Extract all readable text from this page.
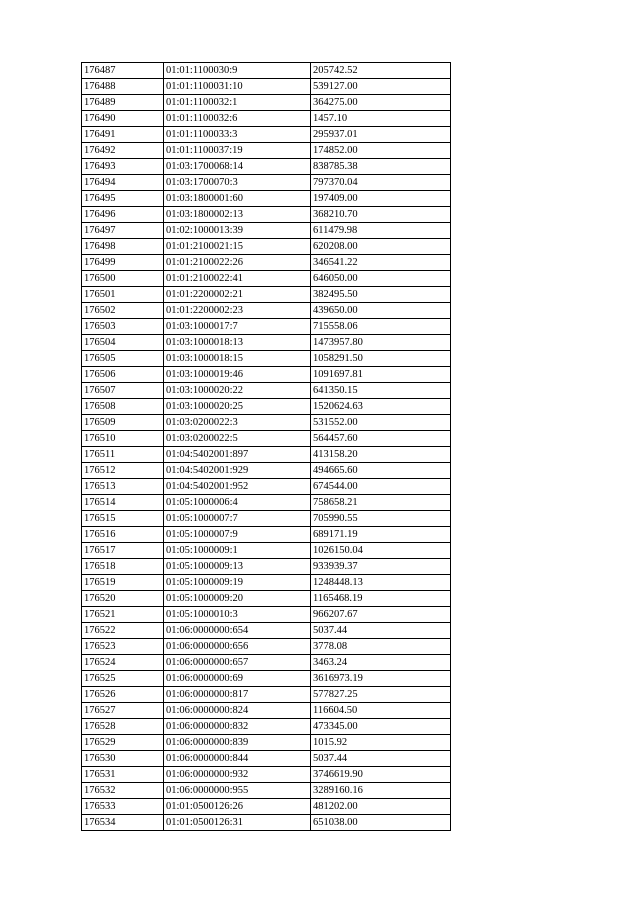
176487	01:01:1100030:9	205742.52
176488	01:01:1100031:10	539127.00
176489	01:01:1100032:1	364275.00
176490	01:01:1100032:6	1457.10
176491	01:01:1100033:3	295937.01
176492	01:01:1100037:19	174852.00
176493	01:03:1700068:14	838785.38
176494	01:03:1700070:3	797370.04
176495	01:03:1800001:60	197409.00
176496	01:03:1800002:13	368210.70
176497	01:02:1000013:39	611479.98
176498	01:01:2100021:15	620208.00
176499	01:01:2100022:26	346541.22
176500	01:01:2100022:41	646050.00
176501	01:01:2200002:21	382495.50
176502	01:01:2200002:23	439650.00
176503	01:03:1000017:7	715558.06
176504	01:03:1000018:13	1473957.80
176505	01:03:1000018:15	1058291.50
176506	01:03:1000019:46	1091697.81
176507	01:03:1000020:22	641350.15
176508	01:03:1000020:25	1520624.63
176509	01:03:0200022:3	531552.00
176510	01:03:0200022:5	564457.60
176511	01:04:5402001:897	413158.20
176512	01:04:5402001:929	494665.60
176513	01:04:5402001:952	674544.00
176514	01:05:1000006:4	758658.21
176515	01:05:1000007:7	705990.55
176516	01:05:1000007:9	689171.19
176517	01:05:1000009:1	1026150.04
176518	01:05:1000009:13	933939.37
176519	01:05:1000009:19	1248448.13
176520	01:05:1000009:20	1165468.19
176521	01:05:1000010:3	966207.67
176522	01:06:0000000:654	5037.44
176523	01:06:0000000:656	3778.08
176524	01:06:0000000:657	3463.24
176525	01:06:0000000:69	3616973.19
176526	01:06:0000000:817	577827.25
176527	01:06:0000000:824	116604.50
176528	01:06:0000000:832	473345.00
176529	01:06:0000000:839	1015.92
176530	01:06:0000000:844	5037.44
176531	01:06:0000000:932	3746619.90
176532	01:06:0000000:955	3289160.16
176533	01:01:0500126:26	481202.00
176534	01:01:0500126:31	651038.00
